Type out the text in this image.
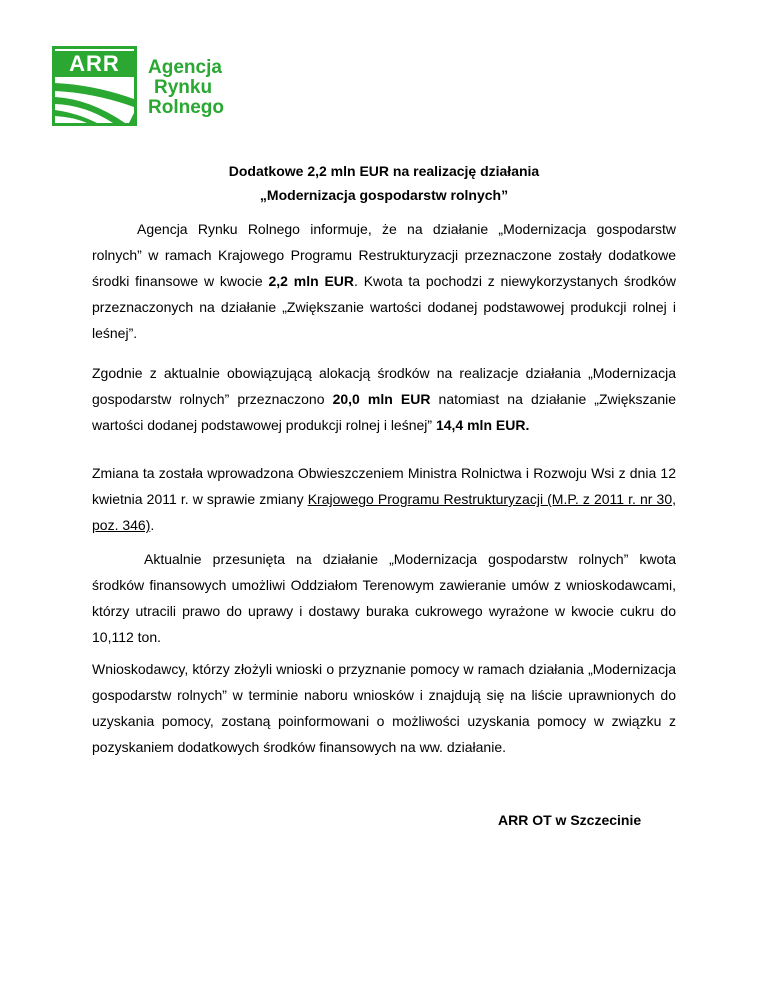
ARR	Agencja
Rynku
Rolnego
Dodatkowe 2,2 mln EUR na realizację działania
„Modernizacja gospodarstw rolnych”
Agencja Rynku Rolnego informuje, że na działanie „Modernizacja gospodarstw rolnych” w ramach Krajowego Programu Restrukturyzacji przeznaczone zostały dodatkowe środki finansowe w kwocie 2,2 mln EUR. Kwota ta pochodzi z niewykorzystanych środków przeznaczonych na działanie „Zwiększanie wartości dodanej podstawowej produkcji rolnej i leśnej”.
Zgodnie z aktualnie obowiązującą alokacją środków na realizacje działania „Modernizacja gospodarstw rolnych” przeznaczono 20,0 mln EUR natomiast na działanie „Zwiększanie wartości dodanej podstawowej produkcji rolnej i leśnej” 14,4 mln EUR.
Zmiana ta została wprowadzona Obwieszczeniem Ministra Rolnictwa i Rozwoju Wsi z dnia 12 kwietnia 2011 r. w sprawie zmiany Krajowego Programu Restrukturyzacji (M.P. z 2011 r. nr 30, poz. 346).
Aktualnie przesunięta na działanie „Modernizacja gospodarstw rolnych” kwota środków finansowych umożliwi Oddziałom Terenowym zawieranie umów z wnioskodawcami, którzy utracili prawo do uprawy i dostawy buraka cukrowego wyrażone w kwocie cukru do 10,112 ton.
Wnioskodawcy, którzy złożyli wnioski o przyznanie pomocy w ramach działania „Modernizacja gospodarstw rolnych” w terminie naboru wniosków i znajdują się na liście uprawnionych do uzyskania pomocy, zostaną poinformowani o możliwości uzyskania pomocy w związku z pozyskaniem dodatkowych środków finansowych na ww. działanie.
ARR OT w Szczecinie
